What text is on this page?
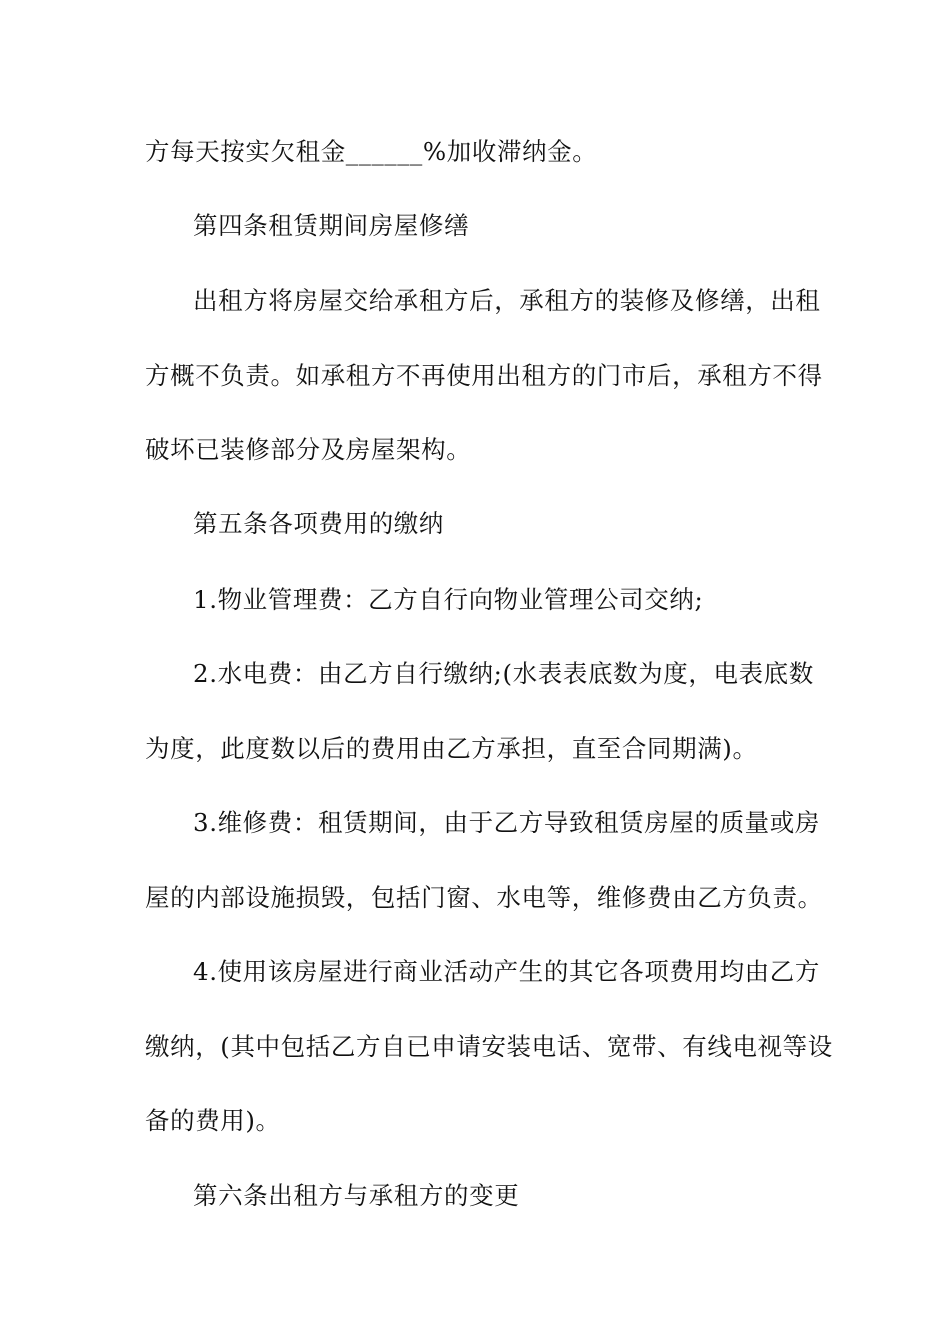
方每天按实欠租金______%加收滞纳金。
第四条租赁期间房屋修缮
出租方将房屋交给承租方后，承租方的装修及修缮，出租
方概不负责。如承租方不再使用出租方的门市后，承租方不得
破坏已装修部分及房屋架构。
第五条各项费用的缴纳
1.物业管理费：乙方自行向物业管理公司交纳;
2.水电费：由乙方自行缴纳;(水表表底数为度，电表底数
为度，此度数以后的费用由乙方承担，直至合同期满)。
3.维修费：租赁期间，由于乙方导致租赁房屋的质量或房
屋的内部设施损毁，包括门窗、水电等，维修费由乙方负责。
4.使用该房屋进行商业活动产生的其它各项费用均由乙方
缴纳，(其中包括乙方自已申请安装电话、宽带、有线电视等设
备的费用)。
第六条出租方与承租方的变更
